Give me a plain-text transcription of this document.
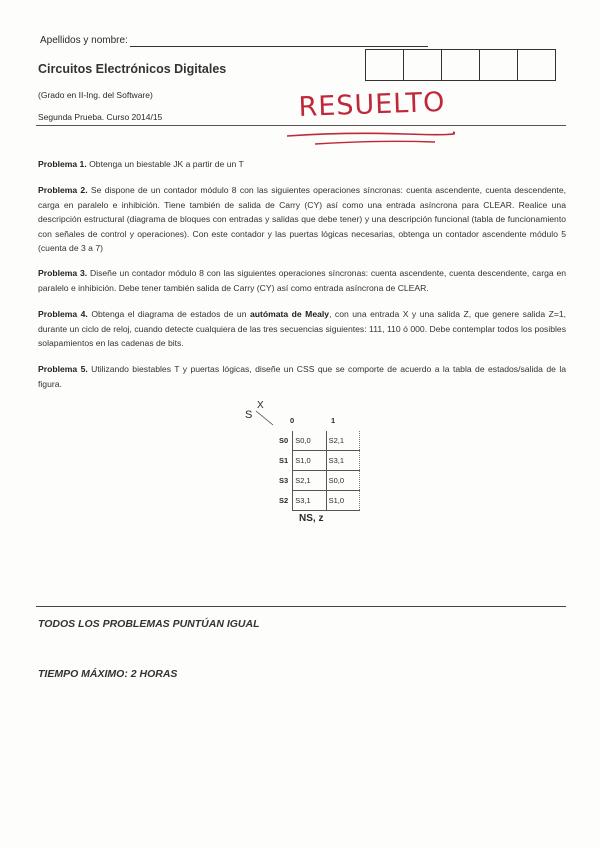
Apellidos y nombre:
Circuitos Electrónicos Digitales
(Grado en II-Ing. del Software)
Segunda Prueba. Curso 2014/15	RESUELTO
Problema 1. Obtenga un biestable JK a partir de un T
Problema 2. Se dispone de un contador módulo 8 con las siguientes operaciones síncronas: cuenta ascendente, cuenta descendente, carga en paralelo e inhibición. Tiene también de salida de Carry (CY) así como una entrada asíncrona para CLEAR. Realice una descripción estructural (diagrama de bloques con entradas y salidas que debe tener) y una descripción funcional (tabla de funcionamiento con señales de control y operaciones). Con este contador y las puertas lógicas necesarias, obtenga un contador ascendente módulo 5 (cuenta de 3 a 7)
Problema 3. Diseñe un contador módulo 8 con las siguientes operaciones síncronas: cuenta ascendente, cuenta descendente, carga en paralelo e inhibición. Debe tener también salida de Carry (CY) así como entrada asíncrona de CLEAR.
Problema 4. Obtenga el diagrama de estados de un autómata de Mealy, con una entrada X y una salida Z, que genere salida Z=1, durante un ciclo de reloj, cuando detecte cualquiera de las tres secuencias siguientes: 111, 110 ó 000. Debe contemplar todos los posibles solapamientos en las cadenas de bits.
Problema 5. Utilizando biestables T y puertas lógicas, diseñe un CSS que se comporte de acuerdo a la tabla de estados/salida de la figura.
S
X
0	1
S0	S0,0	S2,1
S1	S1,0	S3,1
S3	S2,1	S0,0
S2	S3,1	S1,0
NS, z
TODOS LOS PROBLEMAS PUNTÚAN IGUAL
TIEMPO MÁXIMO: 2 HORAS
